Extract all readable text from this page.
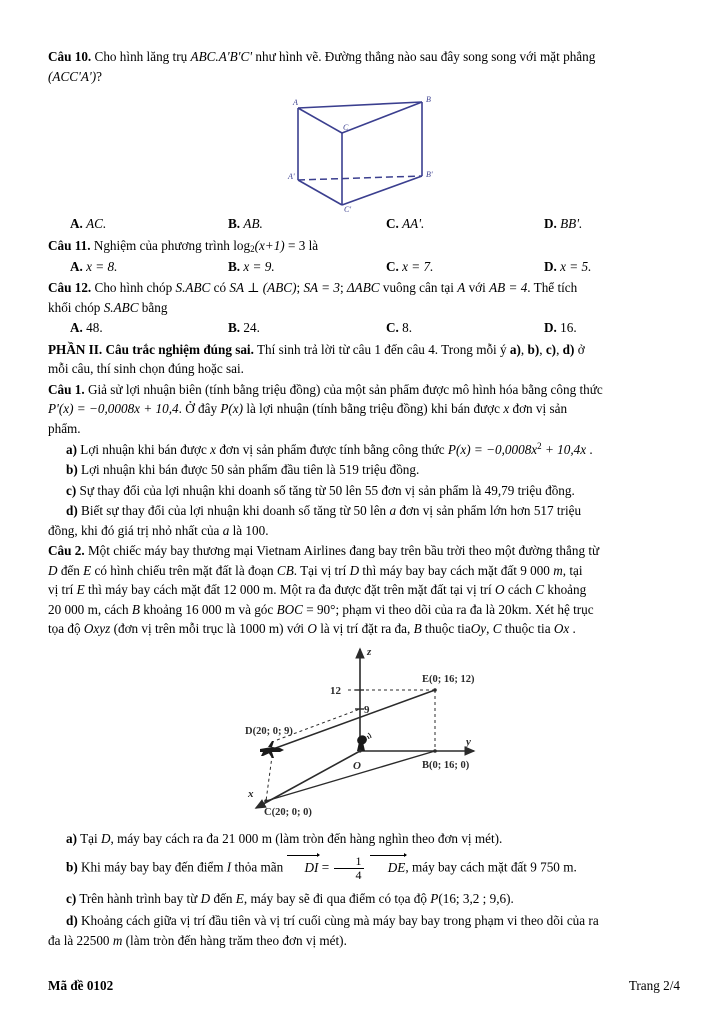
Câu 10. Cho hình lăng trụ ABC.A'B'C' như hình vẽ. Đường thẳng nào sau đây song song với mặt phẳng
(ACC'A')?
A
C
B
A'	B'
C'
A. AC.	B. AB.	C. AA'.	D. BB'.
Câu 11. Nghiệm của phương trình $\log_2(x+1) = 3$ là
A. x = 8.	B. x = 9.	C. x = 7.	D. x = 5.
Câu 12. Cho hình chóp S.ABC có SA ⊥ (ABC); SA = 3; ΔABC vuông cân tại A với AB = 4. Thể tích
khối chóp S.ABC bằng
A. 48.	B. 24.	C. 8.	D. 16.
PHẦN II. Câu trắc nghiệm đúng sai. Thí sinh trả lời từ câu 1 đến câu 4. Trong mỗi ý a), b), c), d) ở
mỗi câu, thí sinh chọn đúng hoặc sai.
Câu 1. Giả sử lợi nhuận biên (tính bằng triệu đồng) của một sản phẩm được mô hình hóa bằng công thức
P'(x) = −0,0008x + 10,4. Ở đây P(x) là lợi nhuận (tính bằng triệu đồng) khi bán được x đơn vị sản
phẩm.
a) Lợi nhuận khi bán được x đơn vị sản phẩm được tính bằng công thức $P(x) = -0,0008x^2 + 10,4x$ .
b) Lợi nhuận khi bán được 50 sản phẩm đầu tiên là 519 triệu đồng.
c) Sự thay đổi của lợi nhuận khi doanh số tăng từ 50 lên 55 đơn vị sản phẩm là 49,79 triệu đồng.
d) Biết sự thay đổi của lợi nhuận khi doanh số tăng từ 50 lên a đơn vị sản phẩm lớn hơn 517 triệu
đồng, khi đó giá trị nhỏ nhất của a là 100.
Câu 2. Một chiếc máy bay thương mại Vietnam Airlines đang bay trên bầu trời theo một đường thẳng từ
D đến E có hình chiếu trên mặt đất là đoạn CB. Tại vị trí D thì máy bay bay cách mặt đất 9 000 m, tại
vị trí E thì máy bay cách mặt đất 12 000 m. Một ra đa được đặt trên mặt đất tại vị trí O cách C khoảng
20 000 m, cách B khoảng 16 000 m và góc BOC = 90°; phạm vi theo dõi của ra đa là 20km. Xét hệ trục
tọa độ Oxyz (đơn vị trên mỗi trục là 1000 m) với O là vị trí đặt ra đa, B thuộc tiaOy, C thuộc tia Ox .
z
y
x
12
9
O
E(0; 16; 12)
D(20; 0; 9)
B(0; 16; 0)
C(20; 0; 0)
a) Tại D, máy bay cách ra đa 21 000 m (làm tròn đến hàng nghìn theo đơn vị mét).
b) Khi máy bay bay đến điểm I thỏa mãn DI = $\frac{1}{4}$ DE
, máy bay cách mặt đất 9 750 m.
c) Trên hành trình bay từ D đến E, máy bay sẽ đi qua điểm có tọa độ P(16; 3,2 ; 9,6).
d) Khoảng cách giữa vị trí đầu tiên và vị trí cuối cùng mà máy bay bay trong phạm vi theo dõi của ra
đa là 22500 m (làm tròn đến hàng trăm theo đơn vị mét).
Mã đề 0102	Trang 2/4
